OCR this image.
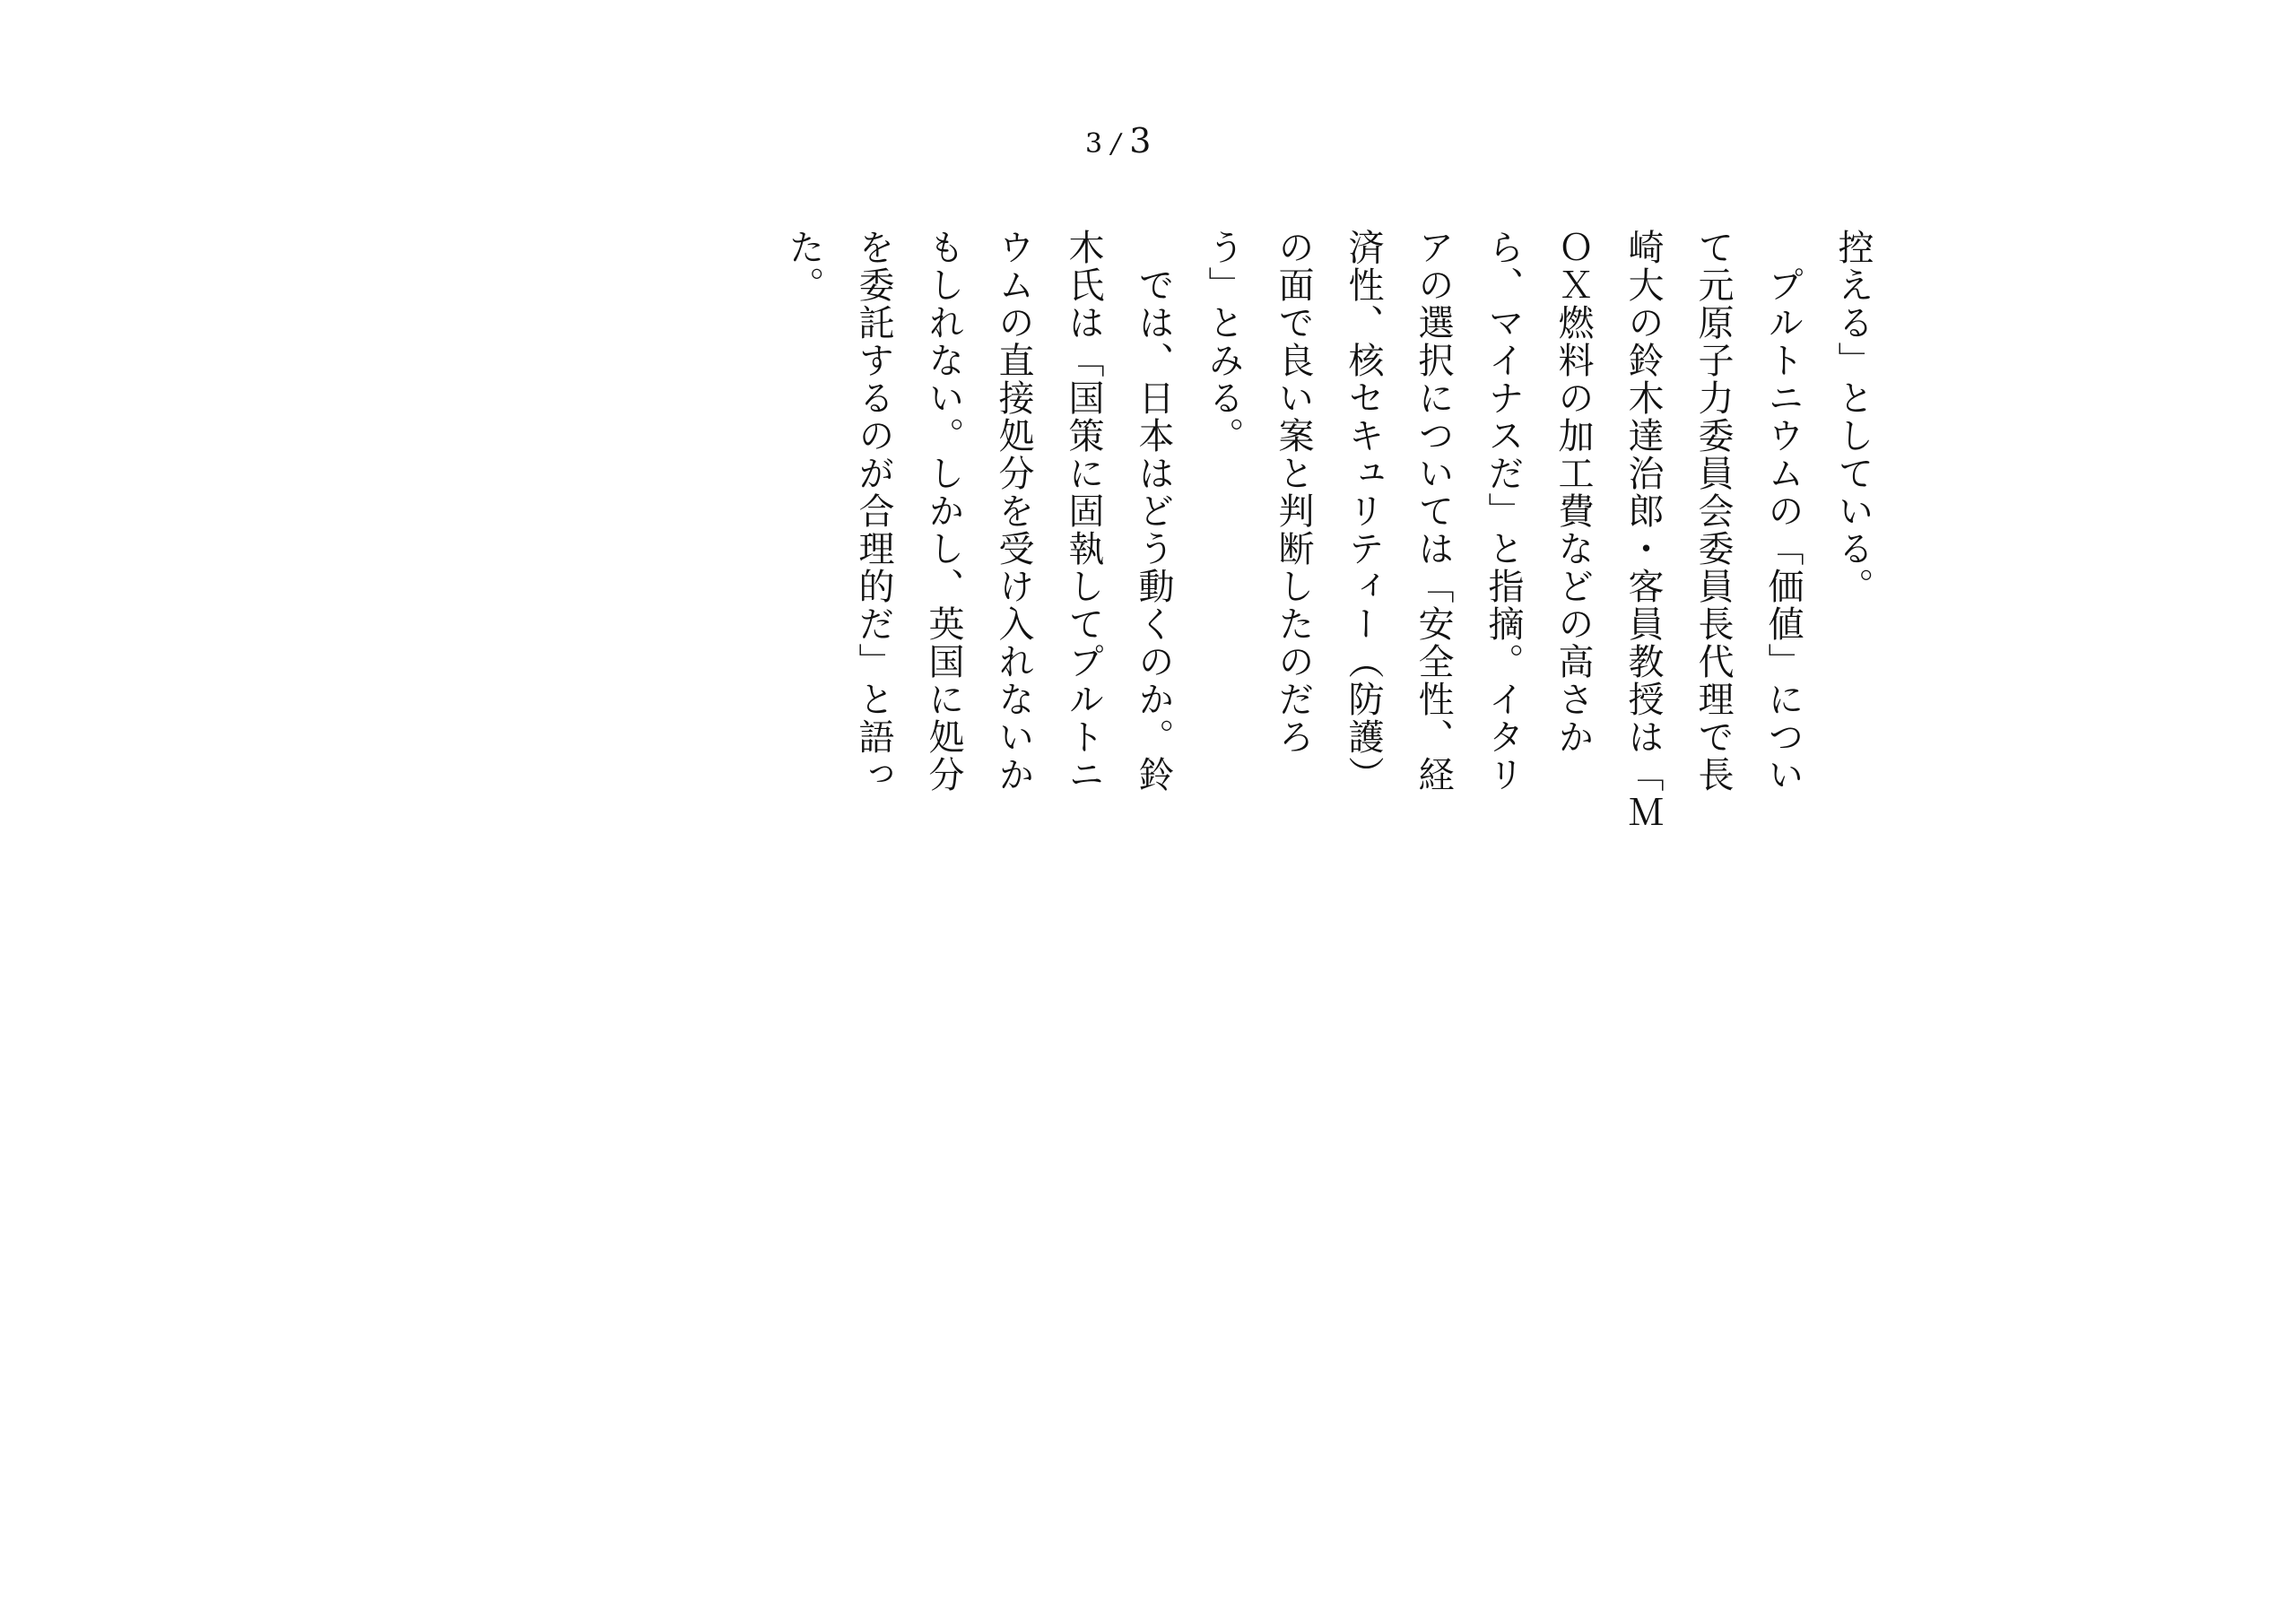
3 / 3

控える」としている。

　プルトニウムの「価値」につい
て元原子力委員会委員長代理で長
崎大の鈴木達治郎・客員教授は「Ｍ
ＯＸ燃料の加工費などの高さか
ら、マイナスだ」と指摘。イタリ
アの選択については「安全性、経
済性、核セキュリティー（防護）
の面で良い案と判断したのだろ
う」とみる。

　では、日本はどう動くのか。鈴
木氏は「国策に固執してプルトニ
ウムの直接処分を受け入れないか
もしれない。しかし、英国に処分
を委託するのが合理的だ」と語っ
た。
